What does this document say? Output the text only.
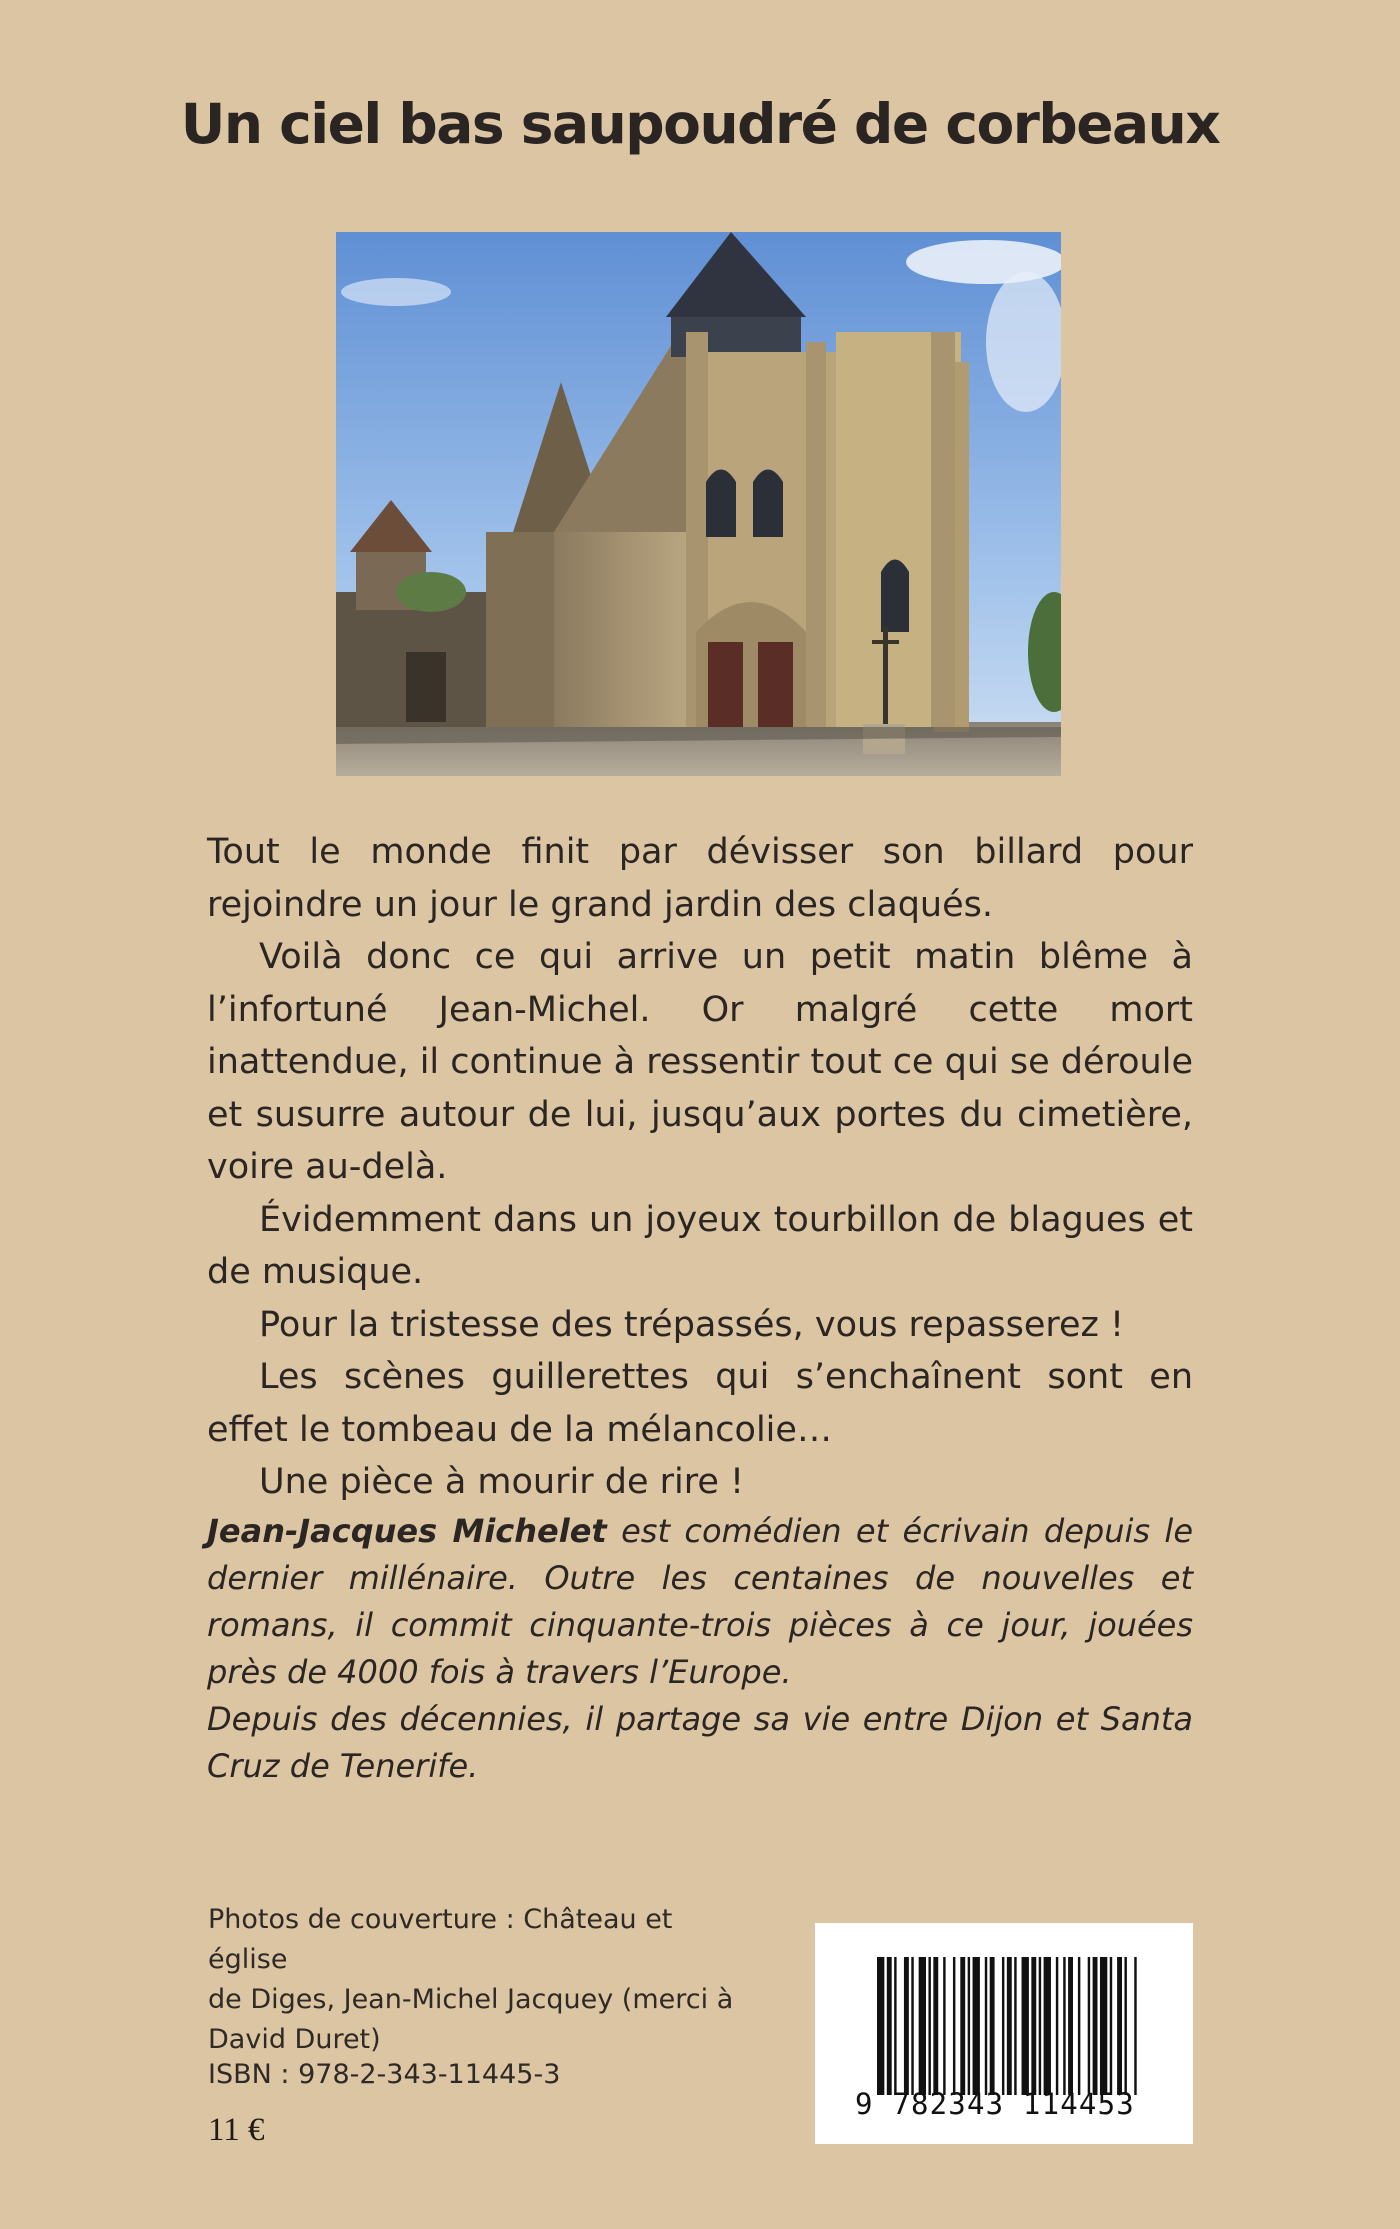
Un ciel bas saupoudré de corbeaux

Tout le monde finit par dévisser son billard pour rejoindre un jour le grand jardin des claqués.

Voilà donc ce qui arrive un petit matin blême à l’infortuné Jean-Michel. Or malgré cette mort inattendue, il continue à ressentir tout ce qui se déroule et susurre autour de lui, jusqu’aux portes du cimetière, voire au-delà.

Évidemment dans un joyeux tourbillon de blagues et de musique.

Pour la tristesse des trépassés, vous repasserez !

Les scènes guillerettes qui s’enchaînent sont en effet le tombeau de la mélancolie…

Une pièce à mourir de rire !

Jean-Jacques Michelet est comédien et écrivain depuis le dernier millénaire. Outre les centaines de nouvelles et romans, il commit cinquante-trois pièces à ce jour, jouées près de 4000 fois à travers l’Europe.

Depuis des décennies, il partage sa vie entre Dijon et Santa Cruz de Tenerife.

Photos de couverture : Château et église
de Diges, Jean-Michel Jacquey (merci à
David Duret)
ISBN : 978-2-343-11445-3
11 €
9 782343 114453
